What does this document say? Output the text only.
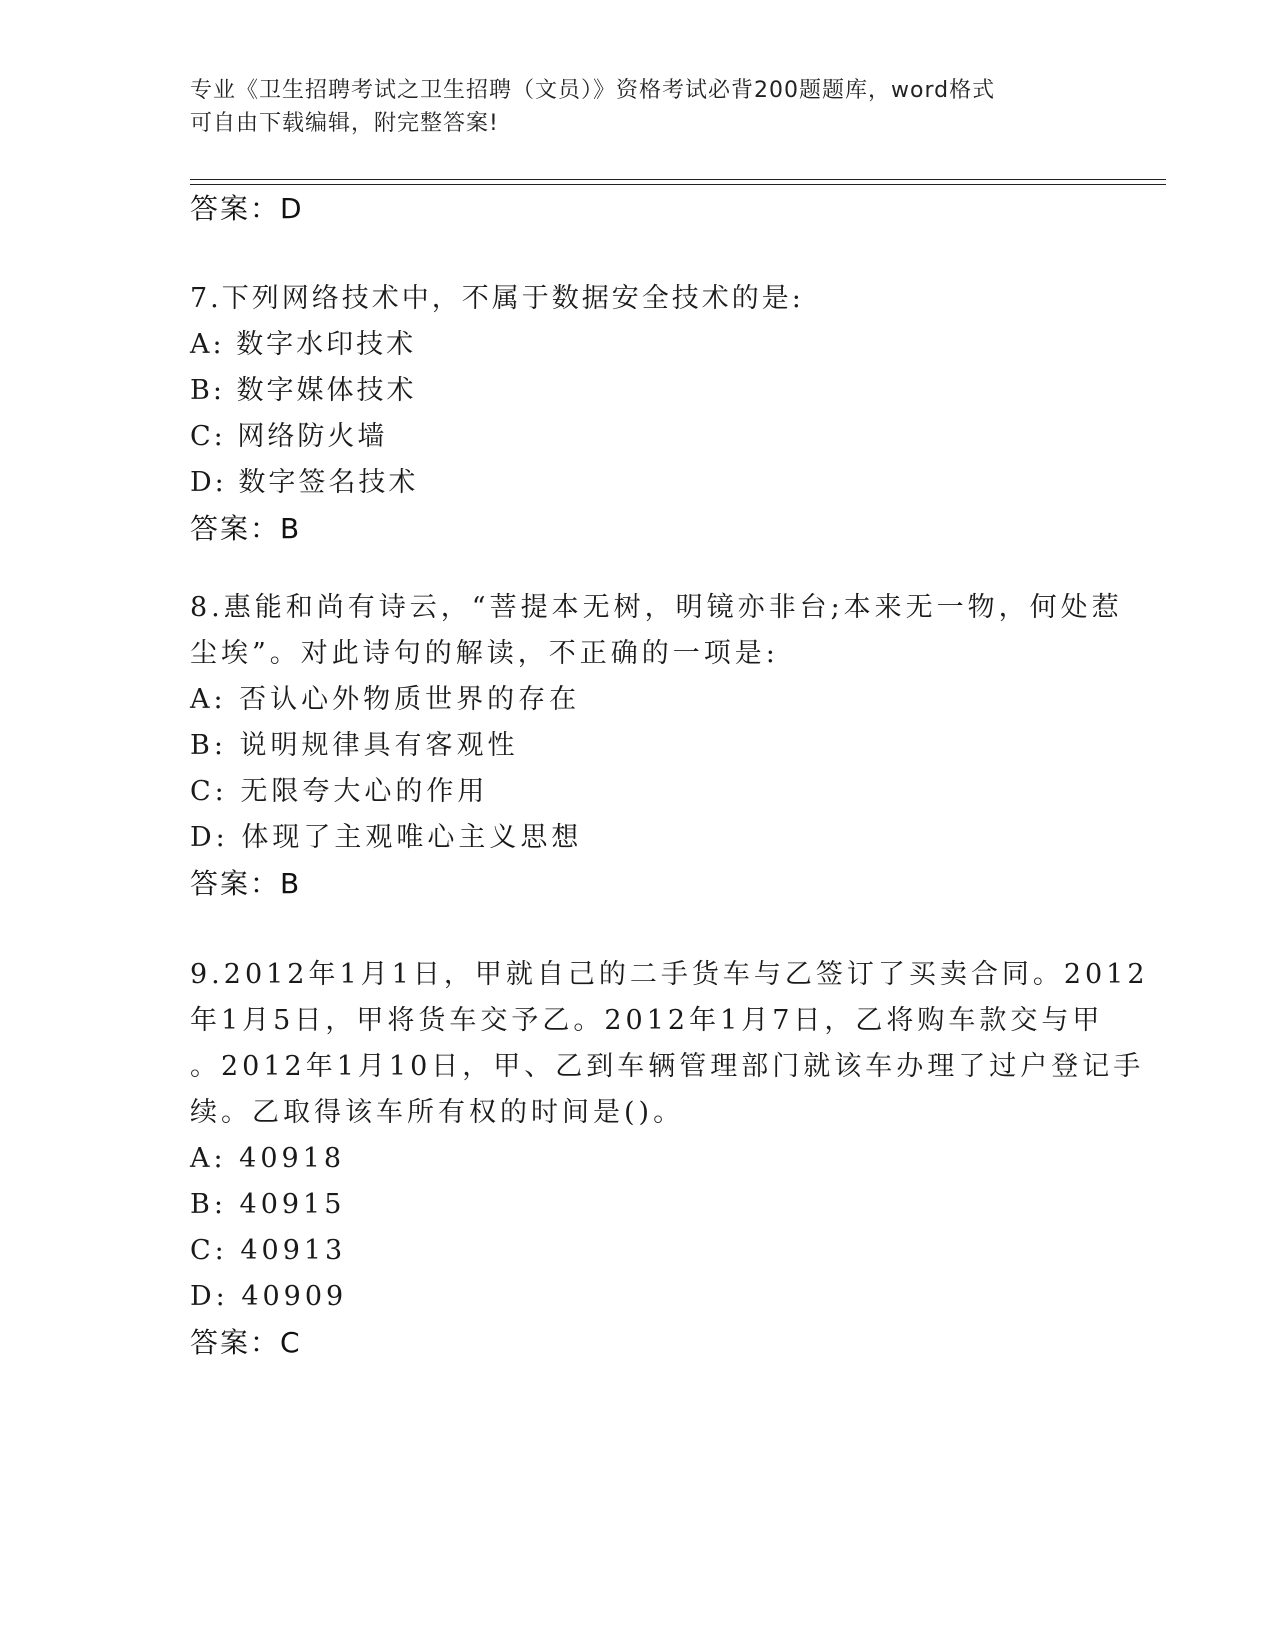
专业《卫生招聘考试之卫生招聘（文员）》资格考试必背200题题库，word格式
可自由下载编辑，附完整答案!
答案：D
7.下列网络技术中，不属于数据安全技术的是:
A: 数字水印技术
B: 数字媒体技术
C: 网络防火墙
D: 数字签名技术
答案：B
8.惠能和尚有诗云，“菩提本无树，明镜亦非台;本来无一物，何处惹
尘埃”。对此诗句的解读，不正确的一项是:
A: 否认心外物质世界的存在
B: 说明规律具有客观性
C: 无限夸大心的作用
D: 体现了主观唯心主义思想
答案：B
9.2012年1月1日，甲就自己的二手货车与乙签订了买卖合同。2012
年1月5日，甲将货车交予乙。2012年1月7日，乙将购车款交与甲
。2012年1月10日，甲、乙到车辆管理部门就该车办理了过户登记手
续。乙取得该车所有权的时间是()。
A: 40918
B: 40915
C: 40913
D: 40909
答案：C
